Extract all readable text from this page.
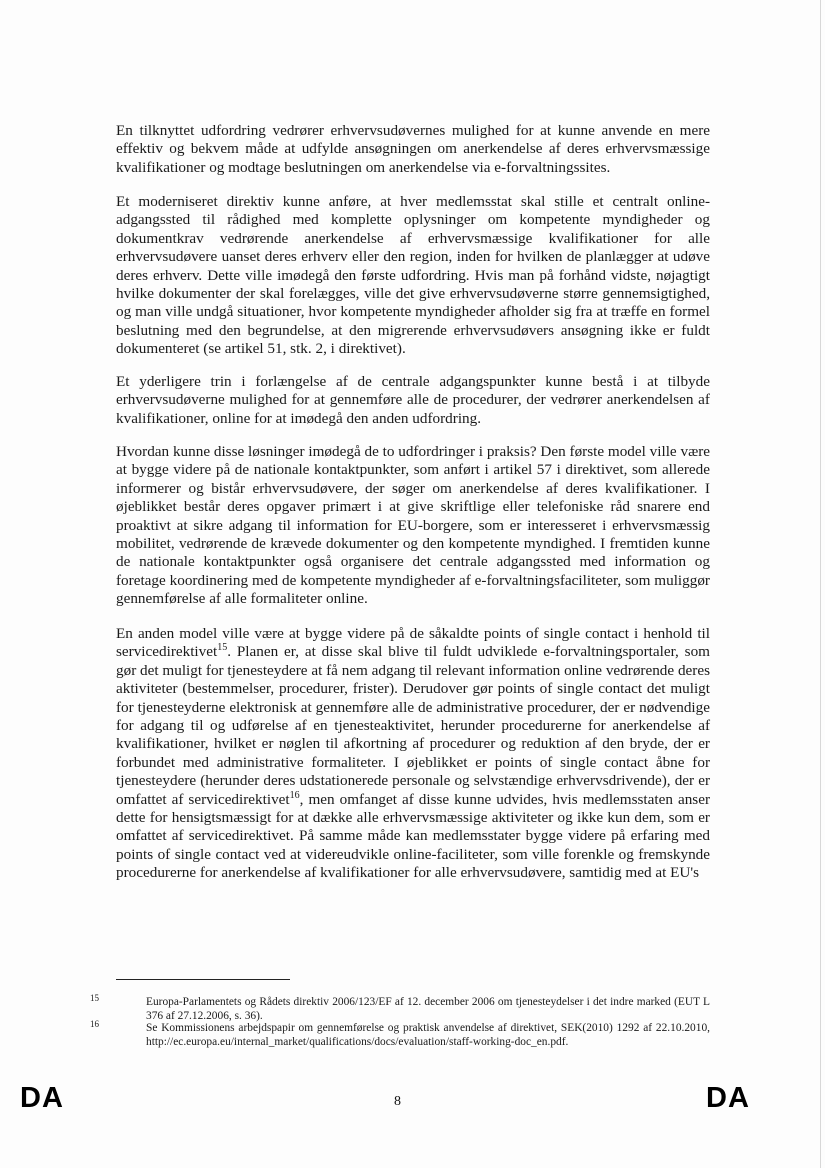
En tilknyttet udfordring vedrører erhvervsudøvernes mulighed for at kunne anvende en mere effektiv og bekvem måde at udfylde ansøgningen om anerkendelse af deres erhvervsmæssige kvalifikationer og modtage beslutningen om anerkendelse via e-forvaltningssites.

Et moderniseret direktiv kunne anføre, at hver medlemsstat skal stille et centralt online-adgangssted til rådighed med komplette oplysninger om kompetente myndigheder og dokumentkrav vedrørende anerkendelse af erhvervsmæssige kvalifikationer for alle erhvervsudøvere uanset deres erhverv eller den region, inden for hvilken de planlægger at udøve deres erhverv. Dette ville imødegå den første udfordring. Hvis man på forhånd vidste, nøjagtigt hvilke dokumenter der skal forelægges, ville det give erhvervsudøverne større gennemsigtighed, og man ville undgå situationer, hvor kompetente myndigheder afholder sig fra at træffe en formel beslutning med den begrundelse, at den migrerende erhvervsudøvers ansøgning ikke er fuldt dokumenteret (se artikel 51, stk. 2, i direktivet).

Et yderligere trin i forlængelse af de centrale adgangspunkter kunne bestå i at tilbyde erhvervsudøverne mulighed for at gennemføre alle de procedurer, der vedrører anerkendelsen af kvalifikationer, online for at imødegå den anden udfordring.

Hvordan kunne disse løsninger imødegå de to udfordringer i praksis? Den første model ville være at bygge videre på de nationale kontaktpunkter, som anført i artikel 57 i direktivet, som allerede informerer og bistår erhvervsudøvere, der søger om anerkendelse af deres kvalifikationer. I øjeblikket består deres opgaver primært i at give skriftlige eller telefoniske råd snarere end proaktivt at sikre adgang til information for EU-borgere, som er interesseret i erhvervsmæssig mobilitet, vedrørende de krævede dokumenter og den kompetente myndighed. I fremtiden kunne de nationale kontaktpunkter også organisere det centrale adgangssted med information og foretage koordinering med de kompetente myndigheder af e-forvaltningsfaciliteter, som muliggør gennemførelse af alle formaliteter online.

En anden model ville være at bygge videre på de såkaldte points of single contact i henhold til servicedirektivet$^{15}$. Planen er, at disse skal blive til fuldt udviklede e-forvaltningsportaler, som gør det muligt for tjenesteydere at få nem adgang til relevant information online vedrørende deres aktiviteter (bestemmelser, procedurer, frister). Derudover gør points of single contact det muligt for tjenesteyderne elektronisk at gennemføre alle de administrative procedurer, der er nødvendige for adgang til og udførelse af en tjenesteaktivitet, herunder procedurerne for anerkendelse af kvalifikationer, hvilket er nøglen til afkortning af procedurer og reduktion af den bryde, der er forbundet med administrative formaliteter. I øjeblikket er points of single contact åbne for tjenesteydere (herunder deres udstationerede personale og selvstændige erhvervsdrivende), der er omfattet af servicedirektivet$^{16}$, men omfanget af disse kunne udvides, hvis medlemsstaten anser dette for hensigtsmæssigt for at dække alle erhvervsmæssige aktiviteter og ikke kun dem, som er omfattet af servicedirektivet. På samme måde kan medlemsstater bygge videre på erfaring med points of single contact ved at videreudvikle online-faciliteter, som ville forenkle og fremskynde procedurerne for anerkendelse af kvalifikationer for alle erhvervsudøvere, samtidig med at EU's

15	Europa-Parlamentets og Rådets direktiv 2006/123/EF af 12. december 2006 om tjenesteydelser i det indre marked (EUT L 376 af 27.12.2006, s. 36).
16	Se Kommissionens arbejdspapir om gennemførelse og praktisk anvendelse af direktivet, SEK(2010) 1292 af 22.10.2010, http://ec.europa.eu/internal_market/qualifications/docs/evaluation/staff-working-doc_en.pdf.
DA	8	DA
